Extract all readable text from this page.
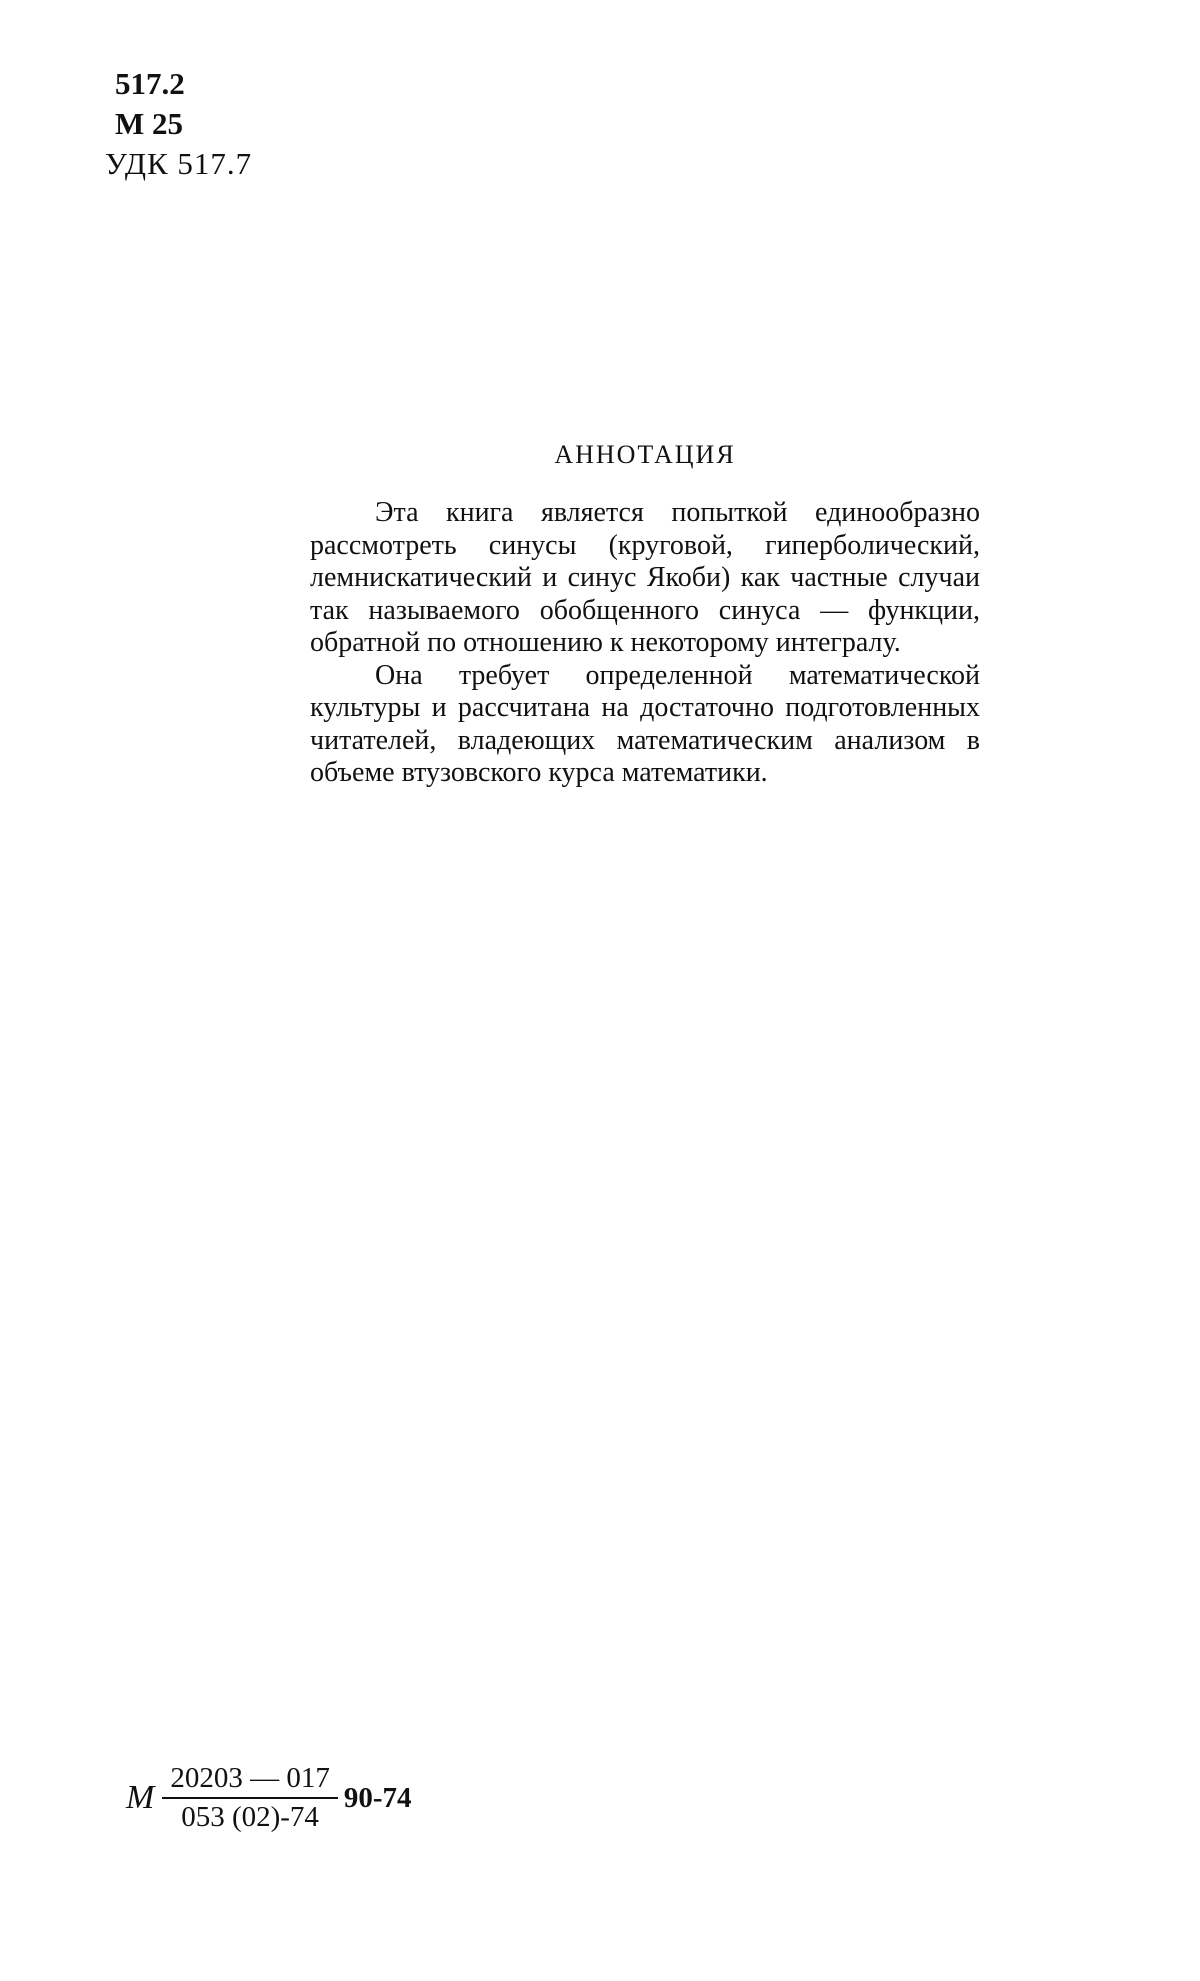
517.2
М 25
УДК 517.7
АННОТАЦИЯ

Эта книга является попыткой единообразно рассмотреть синусы (круговой, гиперболический, лемнискатический и синус Якоби) как частные случаи так называемого обобщенного синуса — функции, обратной по отношению к некоторому интегралу.

Она требует определенной математической культуры и рассчитана на достаточно подготовленных читателей, владеющих математическим анализом в объеме втузовского курса математики.

М $\frac{20203 — 017}{053 (02)-74} 90-74$
